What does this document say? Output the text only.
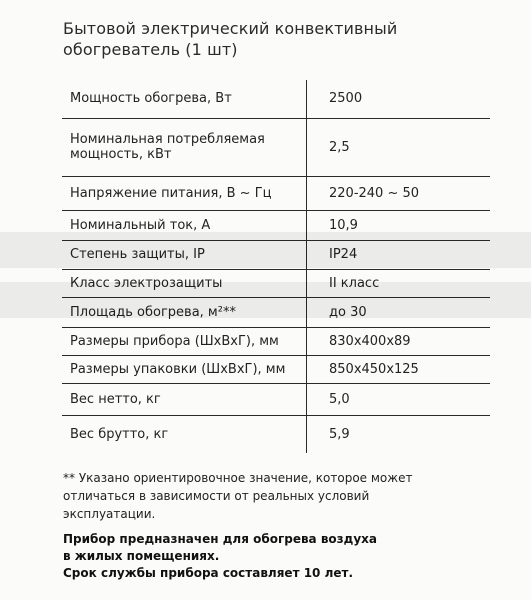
Бытовой электрический конвективный
обогреватель (1 шт)
Мощность обогрева, Вт	2500
Номинальная потребляемая мощность, кВт	2,5
Напряжение питания, В ~ Гц	220-240 ~ 50
Номинальный ток, А	10,9
Степень защиты, IP	IP24
Класс электрозащиты	II класс
Площадь обогрева, м²**	до 30
Размеры прибора (ШхВхГ), мм	830x400x89
Размеры упаковки (ШхВхГ), мм	850x450x125
Вес нетто, кг	5,0
Вес брутто, кг	5,9
** Указано ориентировочное значение, которое может
отличаться в зависимости от реальных условий
эксплуатации.
Прибор предназначен для обогрева воздуха
в жилых помещениях.
Срок службы прибора составляет 10 лет.
